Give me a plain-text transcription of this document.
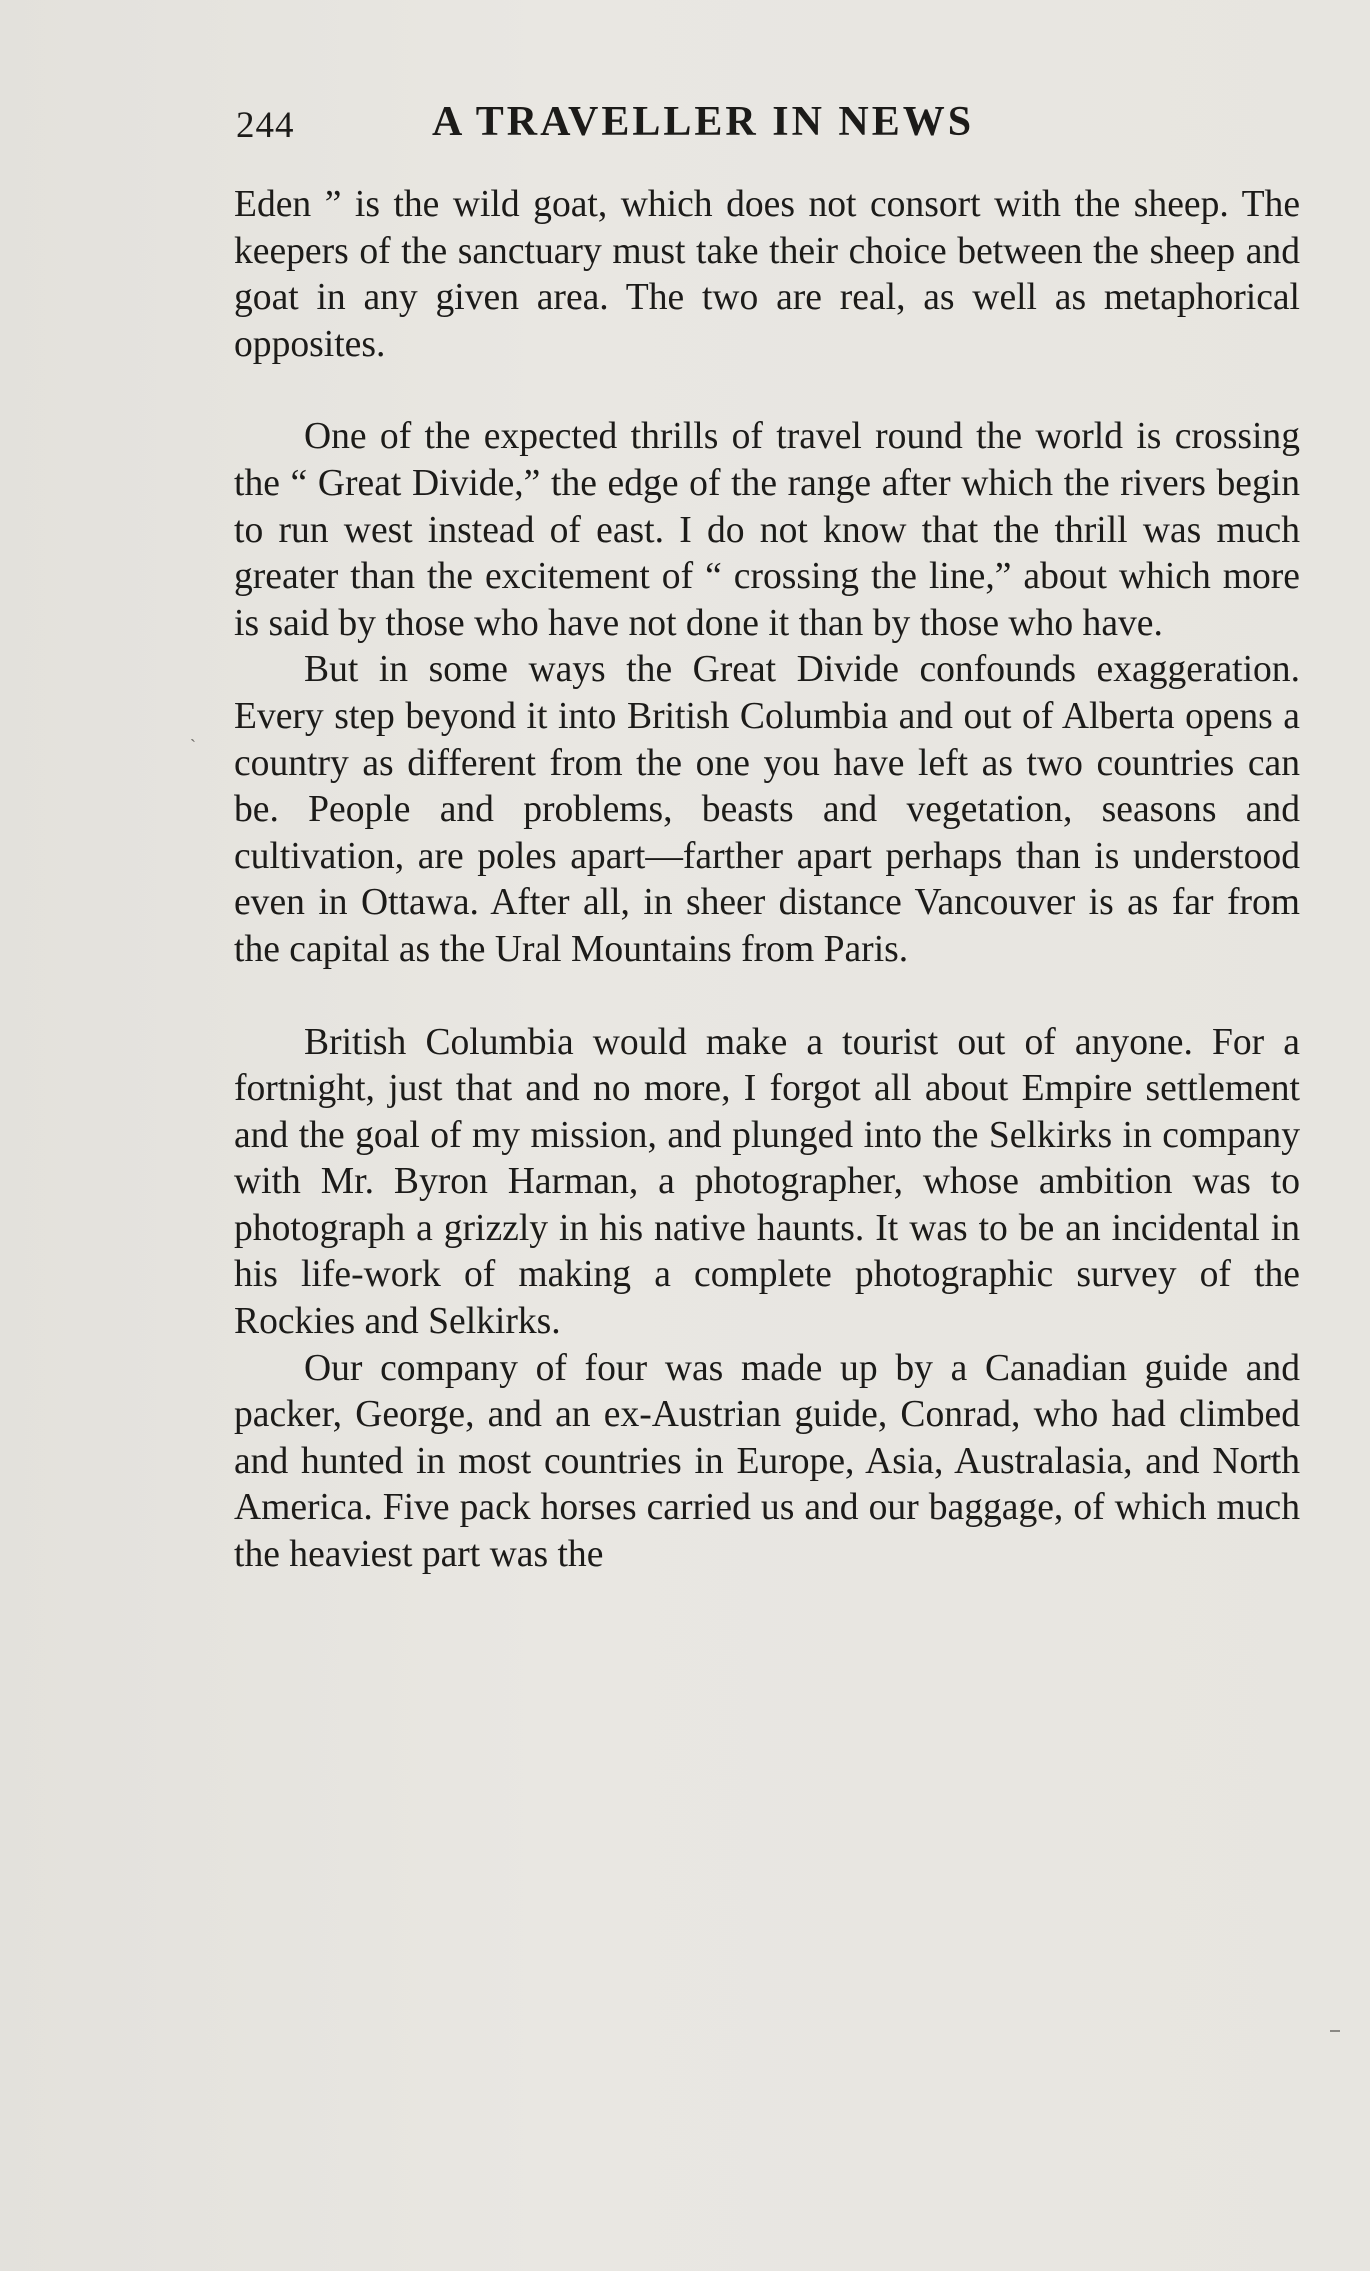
244	A TRAVELLER IN NEWS
ˎ

Eden ” is the wild goat, which does not consort with the sheep. The keepers of the sanctuary must take their choice between the sheep and goat in any given area. The two are real, as well as metaphorical opposites.

One of the expected thrills of travel round the world is crossing the “ Great Divide,” the edge of the range after which the rivers begin to run west instead of east. I do not know that the thrill was much greater than the excitement of “ crossing the line,” about which more is said by those who have not done it than by those who have.

But in some ways the Great Divide confounds exaggeration. Every step beyond it into British Columbia and out of Alberta opens a country as different from the one you have left as two countries can be. People and problems, beasts and vegetation, seasons and cultivation, are poles apart—farther apart perhaps than is understood even in Ottawa. After all, in sheer distance Vancouver is as far from the capital as the Ural Mountains from Paris.

British Columbia would make a tourist out of anyone. For a fortnight, just that and no more, I forgot all about Empire settlement and the goal of my mission, and plunged into the Selkirks in company with Mr. Byron Harman, a photographer, whose ambition was to photograph a grizzly in his native haunts. It was to be an incidental in his life-work of making a complete photographic survey of the Rockies and Selkirks.

Our company of four was made up by a Canadian guide and packer, George, and an ex-Austrian guide, Conrad, who had climbed and hunted in most countries in Europe, Asia, Australasia, and North America. Five pack horses carried us and our baggage, of which much the heaviest part was the
